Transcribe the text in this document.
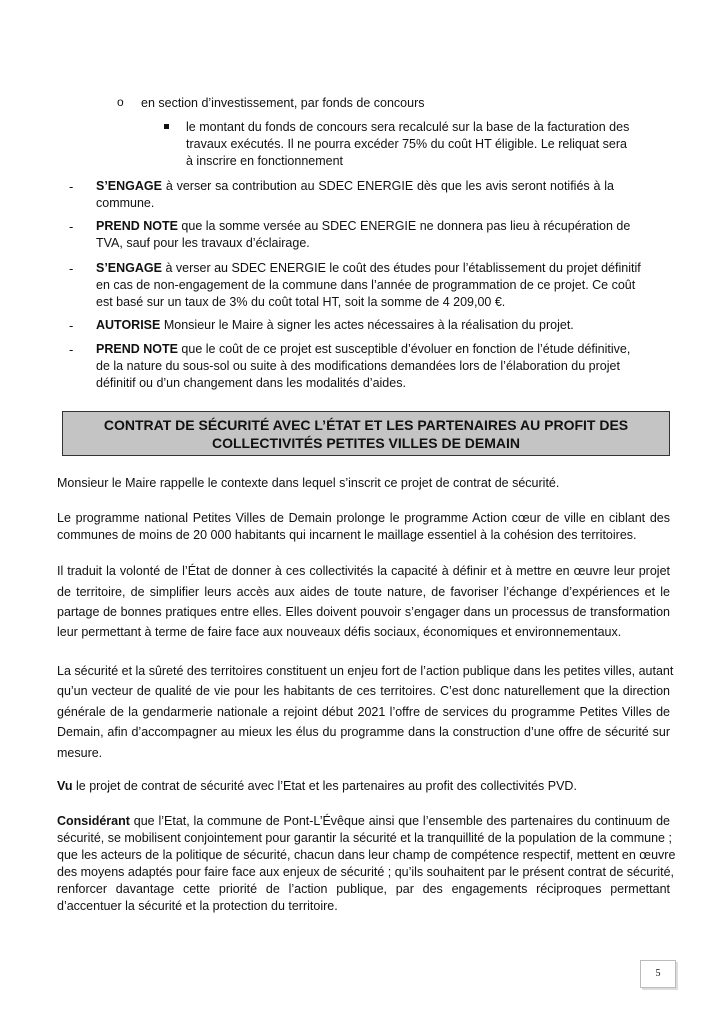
o en section d’investissement, par fonds de concours
le montant du fonds de concours sera recalculé sur la base de la facturation des
travaux exécutés. Il ne pourra excéder 75% du coût HT éligible. Le reliquat sera
à inscrire en fonctionnement
- S’ENGAGE à verser sa contribution au SDEC ENERGIE dès que les avis seront notifiés à la
commune.
- PREND NOTE que la somme versée au SDEC ENERGIE ne donnera pas lieu à récupération de
TVA, sauf pour les travaux d’éclairage.
- S’ENGAGE à verser au SDEC ENERGIE le coût des études pour l’établissement du projet définitif
en cas de non-engagement de la commune dans l’année de programmation de ce projet. Ce coût
est basé sur un taux de 3% du coût total HT, soit la somme de 4 209,00 €.
- AUTORISE Monsieur le Maire à signer les actes nécessaires à la réalisation du projet.
- PREND NOTE que le coût de ce projet est susceptible d’évoluer en fonction de l’étude définitive,
de la nature du sous-sol ou suite à des modifications demandées lors de l’élaboration du projet
définitif ou d’un changement dans les modalités d’aides.
CONTRAT DE SÉCURITÉ AVEC L’ÉTAT ET LES PARTENAIRES AU PROFIT DES
COLLECTIVITÉS PETITES VILLES DE DEMAIN
Monsieur le Maire rappelle le contexte dans lequel s’inscrit ce projet de contrat de sécurité.
Le programme national Petites Villes de Demain prolonge le programme Action cœur de ville en ciblant des
communes de moins de 20 000 habitants qui incarnent le maillage essentiel à la cohésion des territoires.
Il traduit la volonté de l’État de donner à ces collectivités la capacité à définir et à mettre en œuvre leur projet
de territoire, de simplifier leurs accès aux aides de toute nature, de favoriser l’échange d’expériences et le
partage de bonnes pratiques entre elles. Elles doivent pouvoir s’engager dans un processus de transformation
leur permettant à terme de faire face aux nouveaux défis sociaux, économiques et environnementaux.
La sécurité et la sûreté des territoires constituent un enjeu fort de l’action publique dans les petites villes, autant
qu’un vecteur de qualité de vie pour les habitants de ces territoires. C’est donc naturellement que la direction
générale de la gendarmerie nationale a rejoint début 2021 l’offre de services du programme Petites Villes de
Demain, afin d’accompagner au mieux les élus du programme dans la construction d’une offre de sécurité sur
mesure.
Vu le projet de contrat de sécurité avec l’Etat et les partenaires au profit des collectivités PVD.
Considérant que l’Etat, la commune de Pont-L’Évêque ainsi que l’ensemble des partenaires du continuum de
sécurité, se mobilisent conjointement pour garantir la sécurité et la tranquillité de la population de la commune ;
que les acteurs de la politique de sécurité, chacun dans leur champ de compétence respectif, mettent en œuvre
des moyens adaptés pour faire face aux enjeux de sécurité ; qu’ils souhaitent par le présent contrat de sécurité,
renforcer davantage cette priorité de l’action publique, par des engagements réciproques permettant
d’accentuer la sécurité et la protection du territoire.
5
